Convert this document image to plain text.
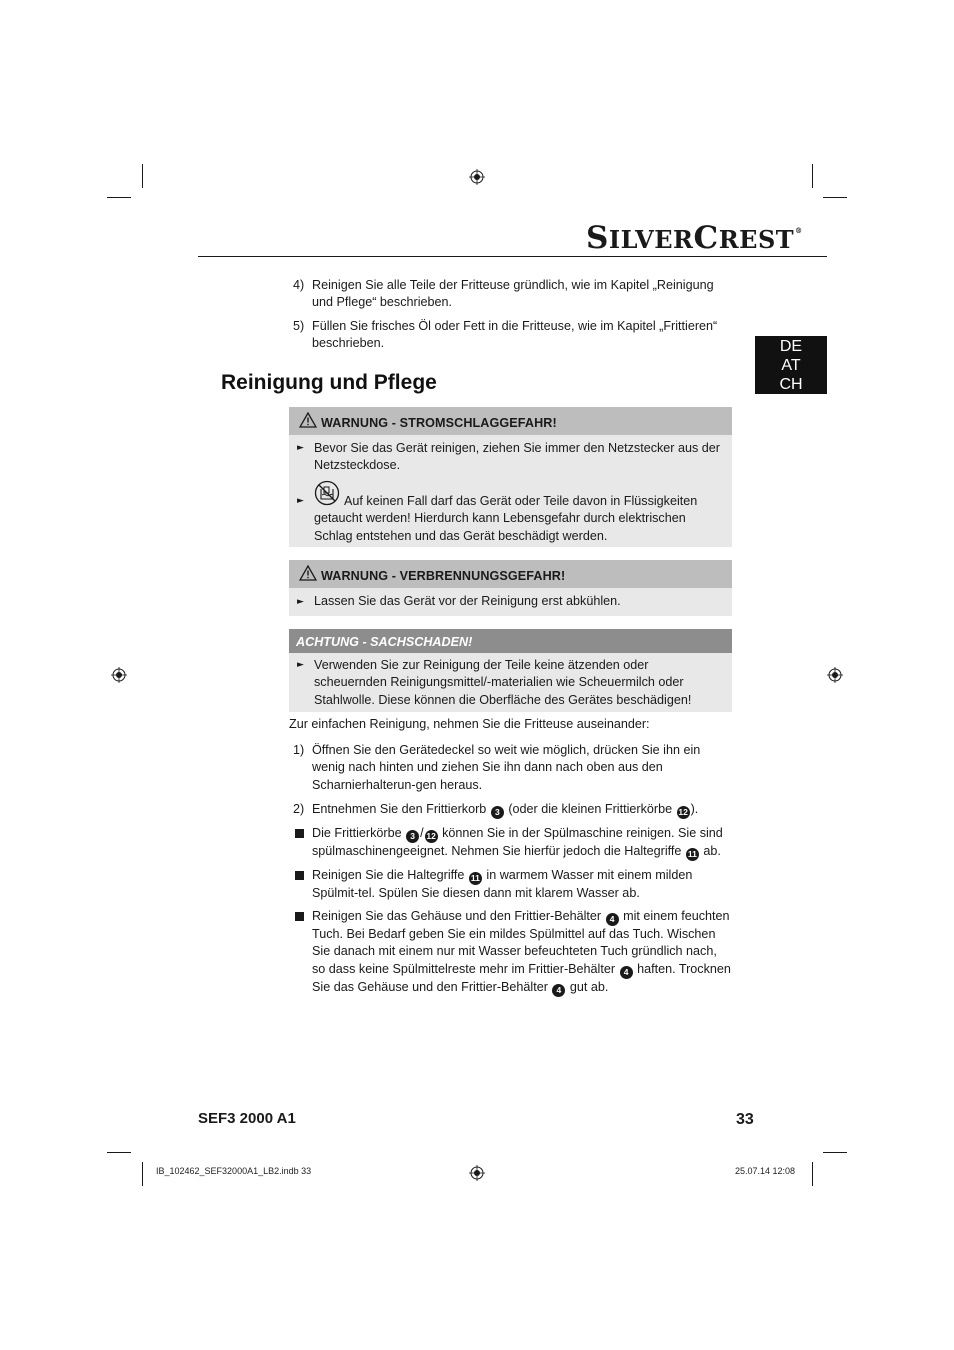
SILVERCREST®
DE
AT
CH
4) Reinigen Sie alle Teile der Fritteuse gründlich, wie im Kapitel „Reinigung und Pflege“ beschrieben.
5) Füllen Sie frisches Öl oder Fett in die Fritteuse, wie im Kapitel „Frittieren“ beschrieben.
Reinigung und Pflege
WARNUNG - STROMSCHLAGGEFAHR!
► Bevor Sie das Gerät reinigen, ziehen Sie immer den Netzstecker aus der Netzsteckdose.
►	Auf keinen Fall darf das Gerät oder Teile davon in Flüssigkeiten getaucht werden! Hierdurch kann Lebensgefahr durch elektrischen Schlag entstehen und das Gerät beschädigt werden.
WARNUNG - VERBRENNUNGSGEFAHR!
► Lassen Sie das Gerät vor der Reinigung erst abkühlen.
ACHTUNG - SACHSCHADEN!
► Verwenden Sie zur Reinigung der Teile keine ätzenden oder scheuernden Reinigungsmittel/-materialien wie Scheuermilch oder Stahlwolle. Diese können die Oberfläche des Gerätes beschädigen!
Zur einfachen Reinigung, nehmen Sie die Fritteuse auseinander:
1) Öffnen Sie den Gerätedeckel so weit wie möglich, drücken Sie ihn ein wenig nach hinten und ziehen Sie ihn dann nach oben aus den Scharnierhalterun-gen heraus.
2) Entnehmen Sie den Frittierkorb 3 (oder die kleinen Frittierkörbe 12 ).
Die Frittierkörbe 3 / 12 können Sie in der Spülmaschine reinigen. Sie sind spülmaschinengeeignet. Nehmen Sie hierfür jedoch die Haltegriffe 11 ab.
Reinigen Sie die Haltegriffe 11 in warmem Wasser mit einem milden Spülmit-tel. Spülen Sie diesen dann mit klarem Wasser ab.
Reinigen Sie das Gehäuse und den Frittier-Behälter 4 mit einem feuchten Tuch. Bei Bedarf geben Sie ein mildes Spülmittel auf das Tuch. Wischen Sie danach mit einem nur mit Wasser befeuchteten Tuch gründlich nach, so dass keine Spülmittelreste mehr im Frittier-Behälter 4 haften. Trocknen Sie das Gehäuse und den Frittier-Behälter 4 gut ab.
SEF3 2000 A1	33
IB_102462_SEF32000A1_LB2.indb 33	25.07.14 12:08
